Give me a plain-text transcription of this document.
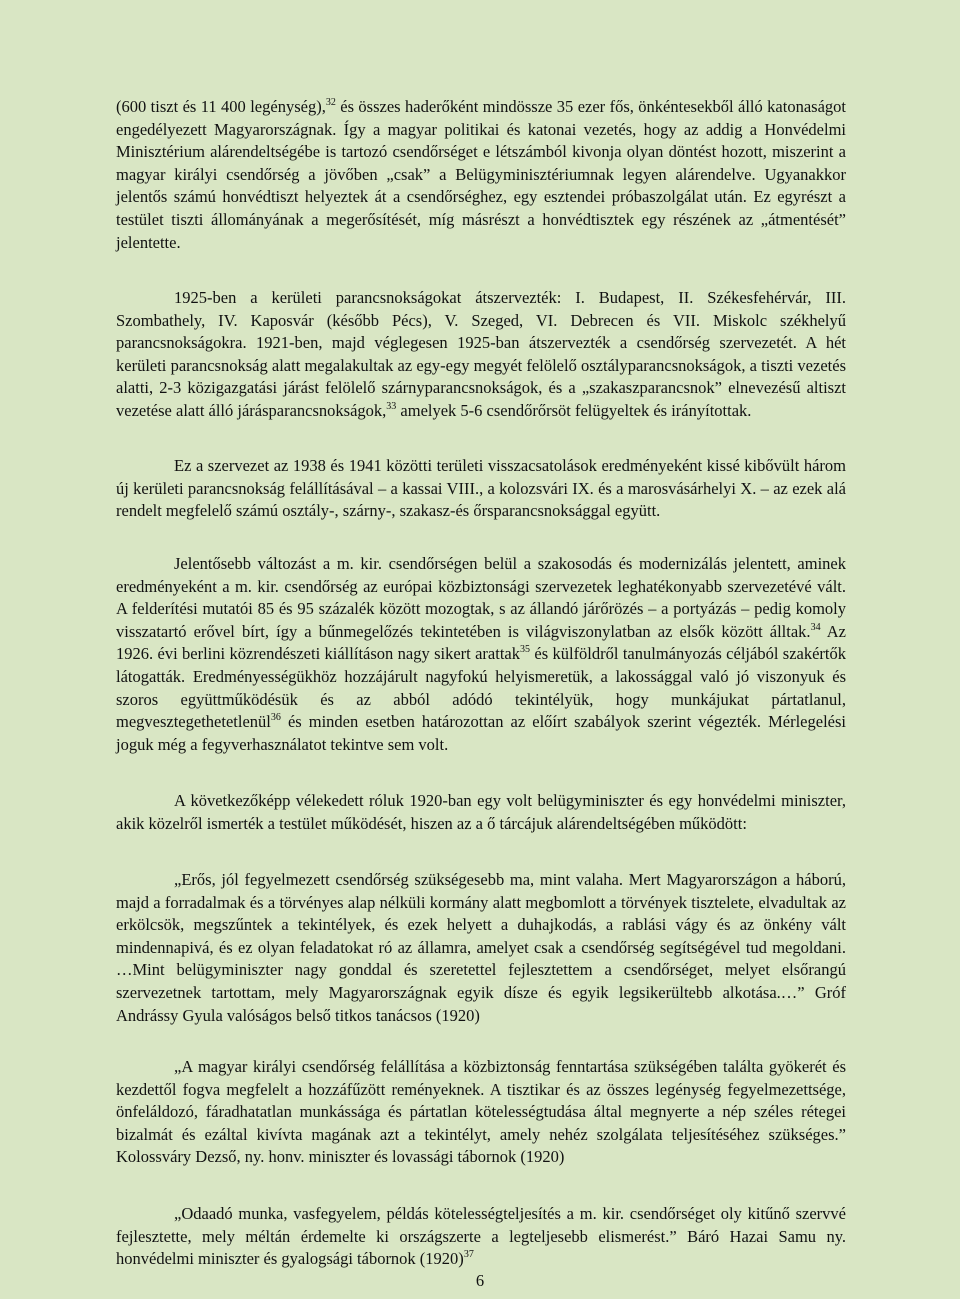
(600 tiszt és 11 400 legénység),$^{32}$ és összes haderőként mindössze 35 ezer fős, önkéntesekből álló katonaságot engedélyezett Magyarországnak. Így a magyar politikai és katonai vezetés, hogy az addig a Honvédelmi Minisztérium alárendeltségébe is tartozó csendőrséget e létszámból kivonja olyan döntést hozott, miszerint a magyar királyi csendőrség a jövőben „csak” a Belügyminisztériumnak legyen alárendelve. Ugyanakkor jelentős számú honvédtiszt helyeztek át a csendőrséghez, egy esztendei próbaszolgálat után. Ez egyrészt a testület tiszti állományának a megerősítését, míg másrészt a honvédtisztek egy részének az „átmentését” jelentette.

1925-ben a kerületi parancsnokságokat átszervezték: I. Budapest, II. Székesfehérvár, III. Szombathely, IV. Kaposvár (később Pécs), V. Szeged, VI. Debrecen és VII. Miskolc székhelyű parancsnokságokra. 1921-ben, majd véglegesen 1925-ban átszervezték a csendőrség szervezetét. A hét kerületi parancsnokság alatt megalakultak az egy-egy megyét felölelő osztályparancsnokságok, a tiszti vezetés alatti, 2-3 közigazgatási járást felölelő szárnyparancsnokságok, és a „szakaszparancsnok” elnevezésű altiszt vezetése alatt álló járásparancsnokságok,$^{33}$ amelyek 5-6 csendőrőrsöt felügyeltek és irányítottak.

Ez a szervezet az 1938 és 1941 közötti területi visszacsatolások eredményeként kissé kibővült három új kerületi parancsnokság felállításával – a kassai VIII., a kolozsvári IX. és a marosvásárhelyi X. – az ezek alá rendelt megfelelő számú osztály-, szárny-, szakasz-és őrsparancsnoksággal együtt.

Jelentősebb változást a m. kir. csendőrségen belül a szakosodás és modernizálás jelentett, aminek eredményeként a m. kir. csendőrség az európai közbiztonsági szervezetek leghatékonyabb szervezetévé vált. A felderítési mutatói 85 és 95 százalék között mozogtak, s az állandó járőrözés – a portyázás – pedig komoly visszatartó erővel bírt, így a bűnmegelőzés tekintetében is világviszonylatban az elsők között álltak.$^{34}$ Az 1926. évi berlini közrendészeti kiállításon nagy sikert arattak$^{35}$ és külföldről tanulmányozás céljából szakértők látogatták. Eredményességükhöz hozzájárult nagyfokú helyismeretük, a lakossággal való jó viszonyuk és szoros együttműködésük és az abból adódó tekintélyük, hogy munkájukat pártatlanul, megvesztegethetetlenül$^{36}$ és minden esetben határozottan az előírt szabályok szerint végezték. Mérlegelési joguk még a fegyverhasználatot tekintve sem volt.

A következőképp vélekedett róluk 1920-ban egy volt belügyminiszter és egy honvédelmi miniszter, akik közelről ismerték a testület működését, hiszen az a ő tárcájuk alárendeltségében működött:

„Erős, jól fegyelmezett csendőrség szükségesebb ma, mint valaha. Mert Magyarországon a háború, majd a forradalmak és a törvényes alap nélküli kormány alatt megbomlott a törvények tisztelete, elvadultak az erkölcsök, megszűntek a tekintélyek, és ezek helyett a duhajkodás, a rablási vágy és az önkény vált mindennapivá, és ez olyan feladatokat ró az államra, amelyet csak a csendőrség segítségével tud megoldani. …Mint belügyminiszter nagy gonddal és szeretettel fejlesztettem a csendőrséget, melyet elsőrangú szervezetnek tartottam, mely Magyarországnak egyik dísze és egyik legsikerültebb alkotása.…” Gróf Andrássy Gyula valóságos belső titkos tanácsos (1920)

„A magyar királyi csendőrség felállítása a közbiztonság fenntartása szükségében találta gyökerét és kezdettől fogva megfelelt a hozzáfűzött reményeknek. A tisztikar és az összes legénység fegyelmezettsége, önfeláldozó, fáradhatatlan munkássága és pártatlan kötelességtudása által megnyerte a nép széles rétegei bizalmát és ezáltal kivívta magának azt a tekintélyt, amely nehéz szolgálata teljesítéséhez szükséges.” Kolossváry Dezső, ny. honv. miniszter és lovassági tábornok (1920)

„Odaadó munka, vasfegyelem, példás kötelességteljesítés a m. kir. csendőrséget oly kitűnő szervvé fejlesztette, mely méltán érdemelte ki országszerte a legteljesebb elismerést.” Báró Hazai Samu ny. honvédelmi miniszter és gyalogsági tábornok $(1920)^{37}$

6
